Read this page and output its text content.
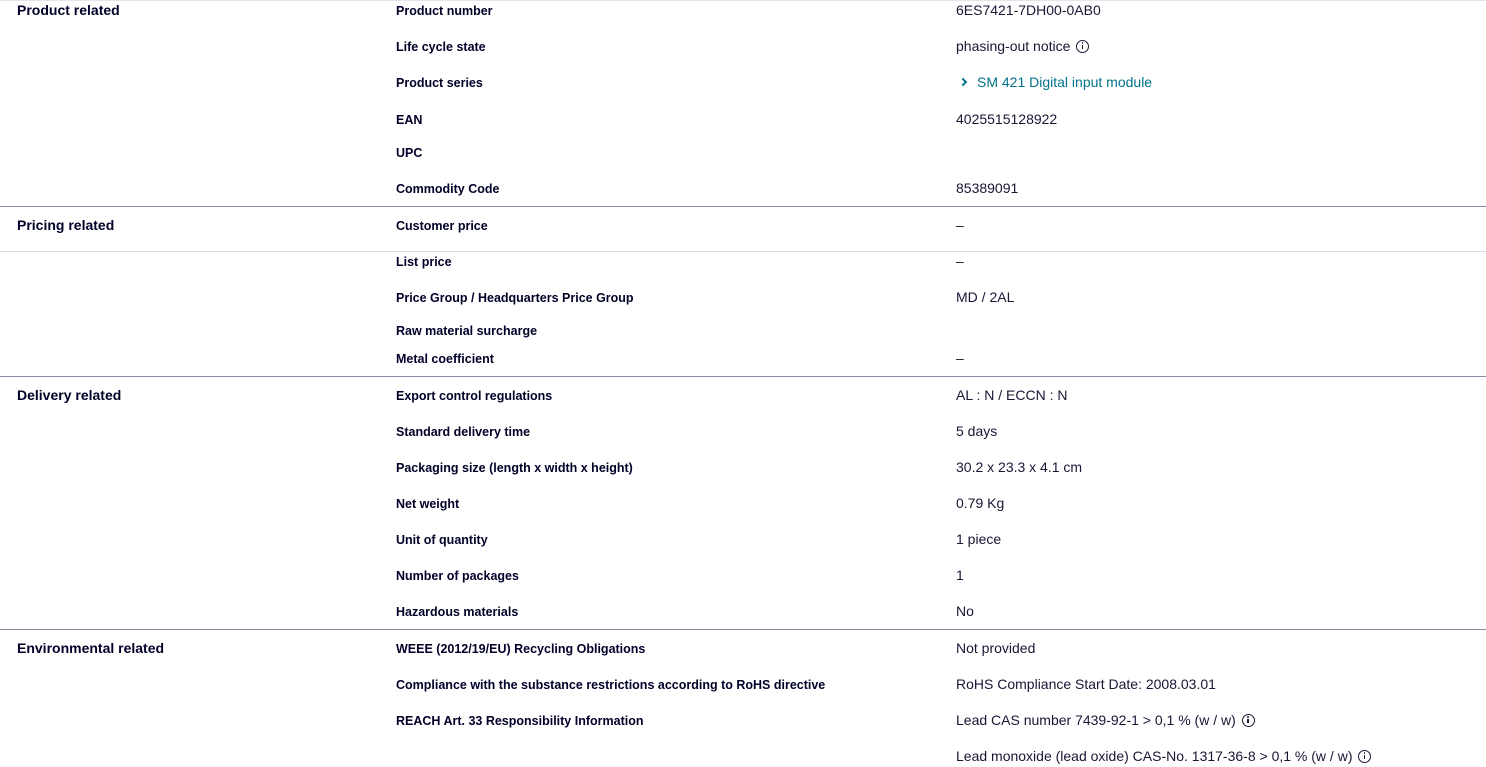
Product related	Product number	6ES7421-7DH00-0AB0
Life cycle state	phasing-out notice
Product series	SM 421 Digital input module
EAN	4025515128922
UPC
Commodity Code	85389091
Pricing related	Customer price	–
List price	–
Price Group / Headquarters Price Group	MD / 2AL
Raw material surcharge
Metal coefficient	–
Delivery related	Export control regulations	AL : N / ECCN : N
Standard delivery time	5 days
Packaging size (length x width x height)	30.2 x 23.3 x 4.1 cm
Net weight	0.79 Kg
Unit of quantity	1 piece
Number of packages	1
Hazardous materials	No
Environmental related	WEEE (2012/19/EU) Recycling Obligations	Not provided
Compliance with the substance restrictions according to RoHS directive	RoHS Compliance Start Date: 2008.03.01
REACH Art. 33 Responsibility Information	Lead CAS number 7439-92-1 > 0,1 % (w / w)
Lead monoxide (lead oxide) CAS-No. 1317-36-8 > 0,1 % (w / w)
